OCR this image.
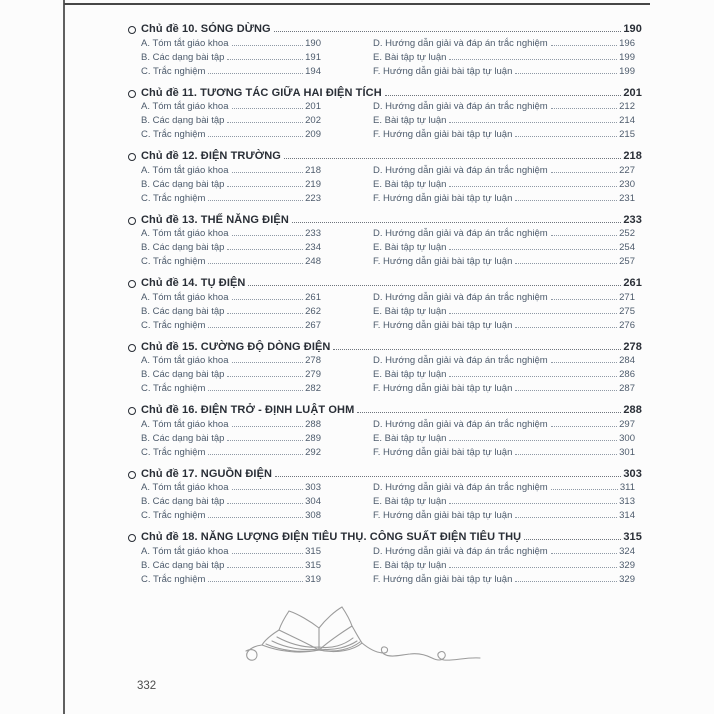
Chủ đề 10. SÓNG DỪNG	190
A. Tóm tắt giáo khoa	190
B. Các dạng bài tập	191
C. Trắc nghiệm	194
D. Hướng dẫn giải và đáp án trắc nghiệm	196
E. Bài tập tự luận	199
F. Hướng dẫn giải bài tập tự luận	199
Chủ đề 11. TƯƠNG TÁC GIỮA HAI ĐIỆN TÍCH	201
A. Tóm tắt giáo khoa	201
B. Các dạng bài tập	202
C. Trắc nghiệm	209
D. Hướng dẫn giải và đáp án trắc nghiệm	212
E. Bài tập tự luận	214
F. Hướng dẫn giải bài tập tự luận	215
Chủ đề 12. ĐIỆN TRƯỜNG	218
A. Tóm tắt giáo khoa	218
B. Các dạng bài tập	219
C. Trắc nghiệm	223
D. Hướng dẫn giải và đáp án trắc nghiệm	227
E. Bài tập tự luận	230
F. Hướng dẫn giải bài tập tự luận	231
Chủ đề 13. THẾ NĂNG ĐIỆN	233
A. Tóm tắt giáo khoa	233
B. Các dạng bài tập	234
C. Trắc nghiệm	248
D. Hướng dẫn giải và đáp án trắc nghiệm	252
E. Bài tập tự luận	254
F. Hướng dẫn giải bài tập tự luận	257
Chủ đề 14. TỤ ĐIỆN	261
A. Tóm tắt giáo khoa	261
B. Các dạng bài tập	262
C. Trắc nghiệm	267
D. Hướng dẫn giải và đáp án trắc nghiệm	271
E. Bài tập tự luận	275
F. Hướng dẫn giải bài tập tự luận	276
Chủ đề 15. CƯỜNG ĐỘ DÒNG ĐIỆN	278
A. Tóm tắt giáo khoa	278
B. Các dạng bài tập	279
C. Trắc nghiệm	282
D. Hướng dẫn giải và đáp án trắc nghiệm	284
E. Bài tập tự luận	286
F. Hướng dẫn giải bài tập tự luận	287
Chủ đề 16. ĐIỆN TRỞ - ĐỊNH LUẬT OHM	288
A. Tóm tắt giáo khoa	288
B. Các dạng bài tập	289
C. Trắc nghiệm	292
D. Hướng dẫn giải và đáp án trắc nghiệm	297
E. Bài tập tự luận	300
F. Hướng dẫn giải bài tập tự luận	301
Chủ đề 17. NGUỒN ĐIỆN	303
A. Tóm tắt giáo khoa	303
B. Các dạng bài tập	304
C. Trắc nghiệm	308
D. Hướng dẫn giải và đáp án trắc nghiệm	311
E. Bài tập tự luận	313
F. Hướng dẫn giải bài tập tự luận	314
Chủ đề 18. NĂNG LƯỢNG ĐIỆN TIÊU THỤ. CÔNG SUẤT ĐIỆN TIÊU THỤ	315
A. Tóm tắt giáo khoa	315
B. Các dạng bài tập	315
C. Trắc nghiệm	319
D. Hướng dẫn giải và đáp án trắc nghiệm	324
E. Bài tập tự luận	329
F. Hướng dẫn giải bài tập tự luận	329
332
